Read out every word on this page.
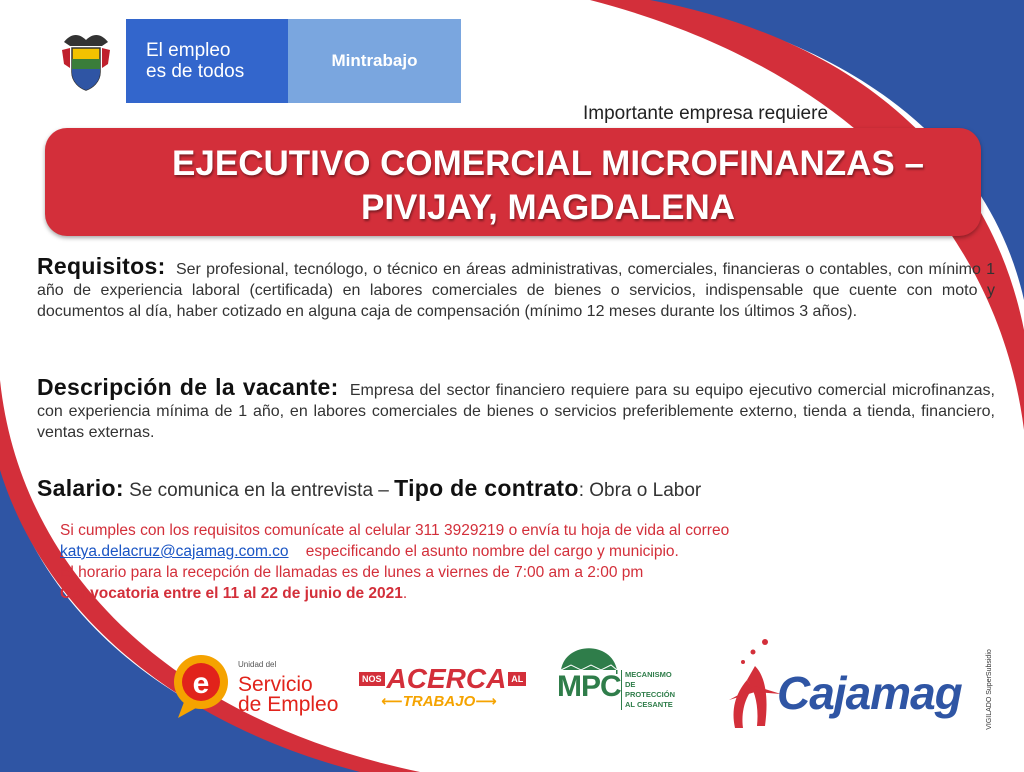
El empleo
es de todos
Mintrabajo
Importante empresa requiere
EJECUTIVO COMERCIAL MICROFINANZAS –
PIVIJAY, MAGDALENA
Requisitos: Ser profesional, tecnólogo, o técnico en áreas administrativas, comerciales, financieras o contables, con mínimo 1 año de experiencia laboral (certificada) en labores comerciales de bienes o servicios, indispensable que cuente con moto y documentos al día, haber cotizado en alguna caja de compensación (mínimo 12 meses durante los últimos 3 años).
Descripción de la vacante: Empresa del sector financiero requiere para su equipo ejecutivo comercial microfinanzas, con experiencia mínima de 1 año, en labores comerciales de bienes o servicios preferiblemente externo, tienda a tienda, financiero, ventas externas.
Salario: Se comunica en la entrevista – Tipo de contrato: Obra o Labor
Si cumples con los requisitos comunícate al celular 311 3929219 o envía tu hoja de vida al correo
katya.delacruz@cajamag.com.co especificando el asunto nombre del cargo y municipio.
El horario para la recepción de llamadas es de lunes a viernes de 7:00 am a 2:00 pm
Convocatoria entre el 11 al 22 de junio de 2021.
e
Unidad del
Servicio
de Empleo
NOS ACERCA AL
⟵TRABAJO⟶	MPC MECANISMO DE
PROTECCIÓN
AL CESANTE Cajamag	VIGILADO SuperSubsidio
